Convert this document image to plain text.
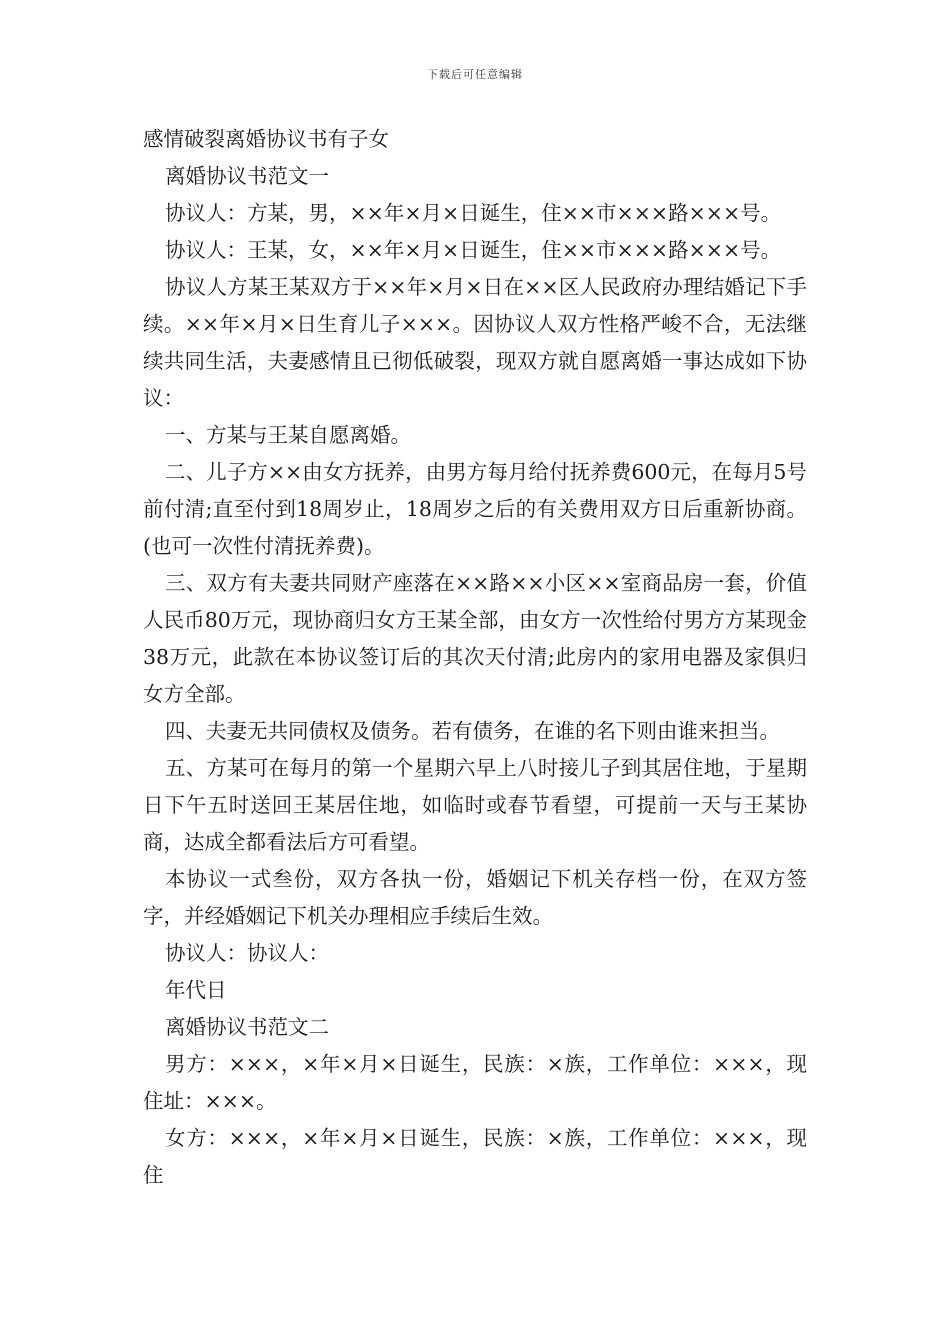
下载后可任意编辑

感情破裂离婚协议书有子女

离婚协议书范文一

协议人：方某，男，××年×月×日诞生，住××市×××路×××号。

协议人：王某，女，××年×月×日诞生，住××市×××路×××号。

协议人方某王某双方于××年×月×日在××区人民政府办理结婚记下手续。××年×月×日生育儿子×××。因协议人双方性格严峻不合，无法继续共同生活，夫妻感情且已彻低破裂，现双方就自愿离婚一事达成如下协议：

一、方某与王某自愿离婚。

二、儿子方××由女方抚养，由男方每月给付抚养费600元，在每月5号前付清;直至付到18周岁止，18周岁之后的有关费用双方日后重新协商。(也可一次性付清抚养费)。

三、双方有夫妻共同财产座落在××路××小区××室商品房一套，价值人民币80万元，现协商归女方王某全部，由女方一次性给付男方方某现金38万元，此款在本协议签订后的其次天付清;此房内的家用电器及家俱归女方全部。

四、夫妻无共同债权及债务。若有债务，在谁的名下则由谁来担当。

五、方某可在每月的第一个星期六早上八时接儿子到其居住地，于星期日下午五时送回王某居住地，如临时或春节看望，可提前一天与王某协商，达成全都看法后方可看望。

本协议一式叁份，双方各执一份，婚姻记下机关存档一份，在双方签字，并经婚姻记下机关办理相应手续后生效。

协议人：协议人：

年代日

离婚协议书范文二

男方：×××，×年×月×日诞生，民族：×族，工作单位：×××，现住址：×××。

女方：×××，×年×月×日诞生，民族：×族，工作单位：×××，现住
